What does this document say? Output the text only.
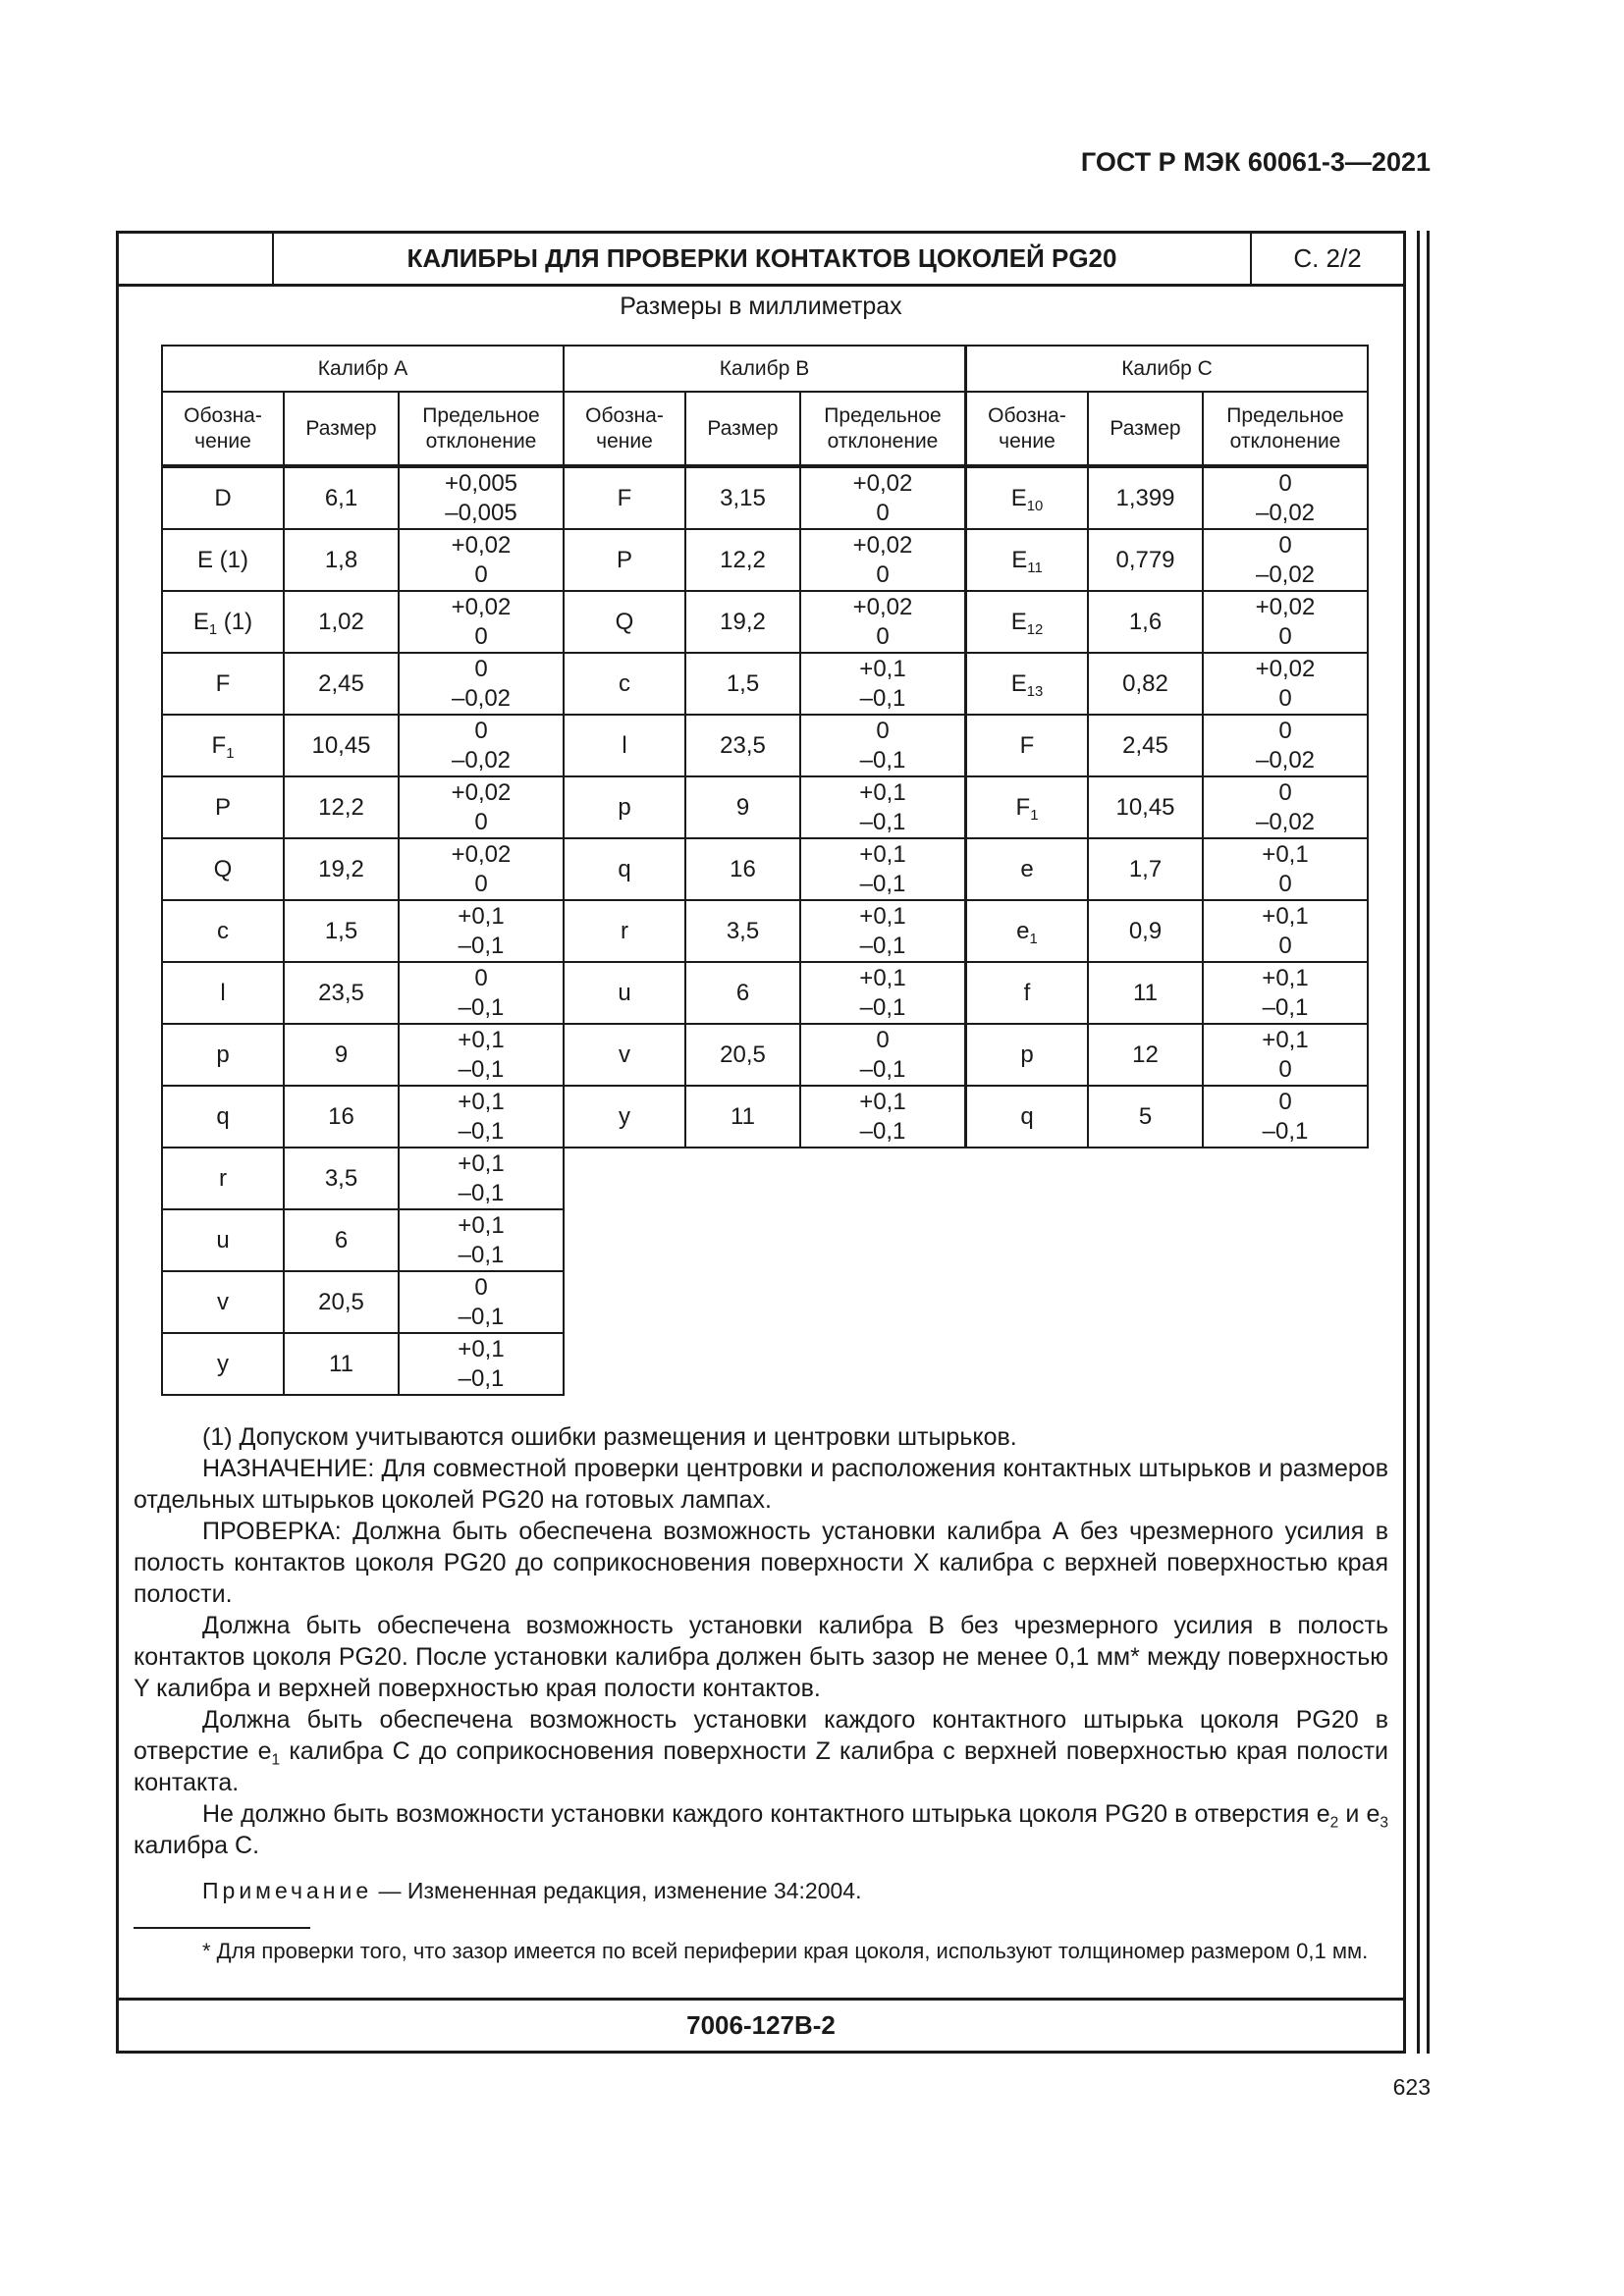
ГОСТ Р МЭК 60061-3—2021
КАЛИБРЫ ДЛЯ ПРОВЕРКИ КОНТАКТОВ ЦОКОЛЕЙ PG20	С. 2/2
Размеры в миллиметрах
Калибр А		
Обозна-
чение	Размер	Предельное
отклонение
D	6,1	+0,005
–0,005
E (1)	1,8	+0,02
0
$E_1$ (1)	1,02	+0,02
0
F	2,45	0
–0,02
$F_1$	10,45	0
–0,02
P	12,2	+0,02
0
Q	19,2	+0,02
0
c	1,5	+0,1
–0,1
l	23,5	0
–0,1
p	9	+0,1
–0,1
q	16	+0,1
–0,1
r	3,5	+0,1
–0,1
u	6	+0,1
–0,1
v	20,5	0
–0,1
y	11	+0,1
–0,1
Калибр В		
Обозна-
чение	Размер	Предельное
отклонение
F	3,15	+0,02
0
P	12,2	+0,02
0
Q	19,2	+0,02
0
c	1,5	+0,1
–0,1
l	23,5	0
–0,1
p	9	+0,1
–0,1
q	16	+0,1
–0,1
r	3,5	+0,1
–0,1
u	6	+0,1
–0,1
v	20,5	0
–0,1
y	11	+0,1
–0,1
Калибр С		
Обозна-
чение	Размер	Предельное
отклонение
$E_{10}$	1,399	0
–0,02
$E_{11}$	0,779	0
–0,02
$E_{12}$	1,6	+0,02
0
$E_{13}$	0,82	+0,02
0
F	2,45	0
–0,02
$F_1$	10,45	0
–0,02
e	1,7	+0,1
0
$e_1$	0,9	+0,1
0
f	11	+0,1
–0,1
p	12	+0,1
0
q	5	0
–0,1

(1) Допуском учитываются ошибки размещения и центровки штырьков.

НАЗНАЧЕНИЕ: Для совместной проверки центровки и расположения контактных штырьков и размеров отдельных штырьков цоколей PG20 на готовых лампах.

ПРОВЕРКА: Должна быть обеспечена возможность установки калибра А без чрезмерного усилия в полость контактов цоколя PG20 до соприкосновения поверхности X калибра с верхней поверхностью края полости.

Должна быть обеспечена возможность установки калибра В без чрезмерного усилия в полость контактов цоколя PG20. После установки калибра должен быть зазор не менее 0,1 мм* между поверхностью Y калибра и верхней поверхностью края полости контактов.

Должна быть обеспечена возможность установки каждого контактного штырька цоколя PG20 в отверстие $e_1$ калибра С до соприкосновения поверхности Z калибра с верхней поверхностью края полости контакта.

Не должно быть возможности установки каждого контактного штырька цоколя PG20 в отверстия $e_2$ и $e_3$ калибра С.

Примечание — Измененная редакция, изменение 34:2004.
* Для проверки того, что зазор имеется по всей периферии края цоколя, используют толщиномер размером 0,1 мм.
7006-127В-2
623
